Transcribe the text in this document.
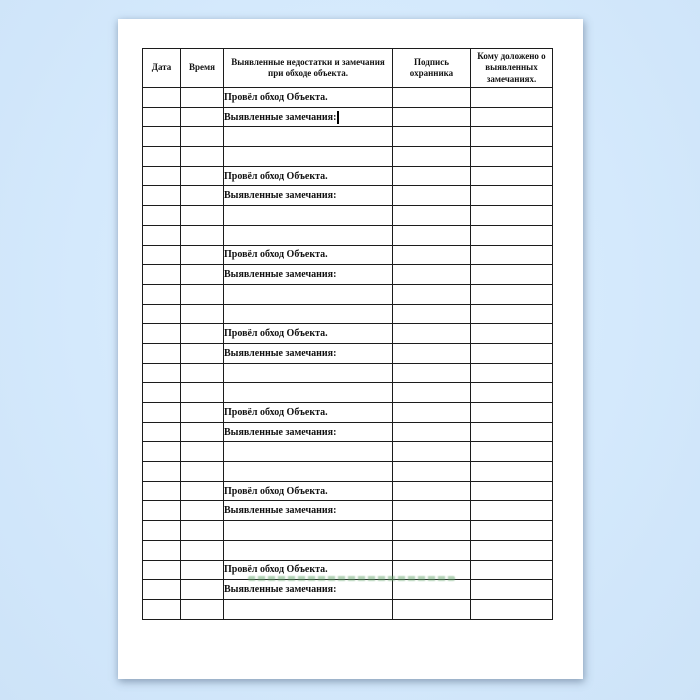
Дата	Время	Выявленные недостатки и замечания при обходе объекта.	Подпись охранника	Кому доложено о выявленных замечаниях.
		Провёл обход Объекта.		
		Выявленные замечания:		

		Провёл обход Объекта.		
		Выявленные замечания:		

		Провёл обход Объекта.		
		Выявленные замечания:		

		Провёл обход Объекта.		
		Выявленные замечания:		

		Провёл обход Объекта.		
		Выявленные замечания:		

		Провёл обход Объекта.		
		Выявленные замечания:		

		Провёл обход Объекта.		
		Выявленные замечания:		
